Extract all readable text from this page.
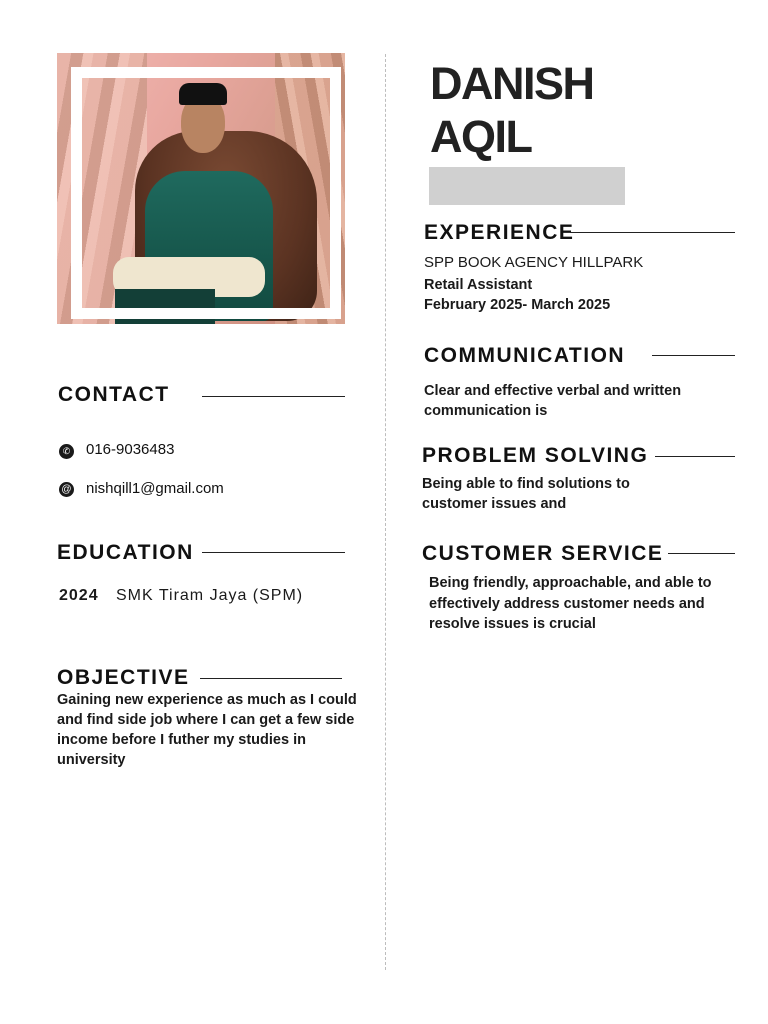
DANISH
AQIL
CONTACT
✆ 016-9036483
@ nishqill1@gmail.com
EDUCATION
2024 SMK Tiram Jaya (SPM)
OBJECTIVE
Gaining new experience as much as I could and find side job where I can get a few side income before I futher my studies in university
EXPERIENCE
SPP BOOK AGENCY HILLPARK
Retail Assistant
February 2025- March 2025
COMMUNICATION
Clear and effective verbal and written communication is
PROBLEM SOLVING
Being able to find solutions to customer issues and
CUSTOMER SERVICE
Being friendly, approachable, and able to effectively address customer needs and resolve issues is crucial
